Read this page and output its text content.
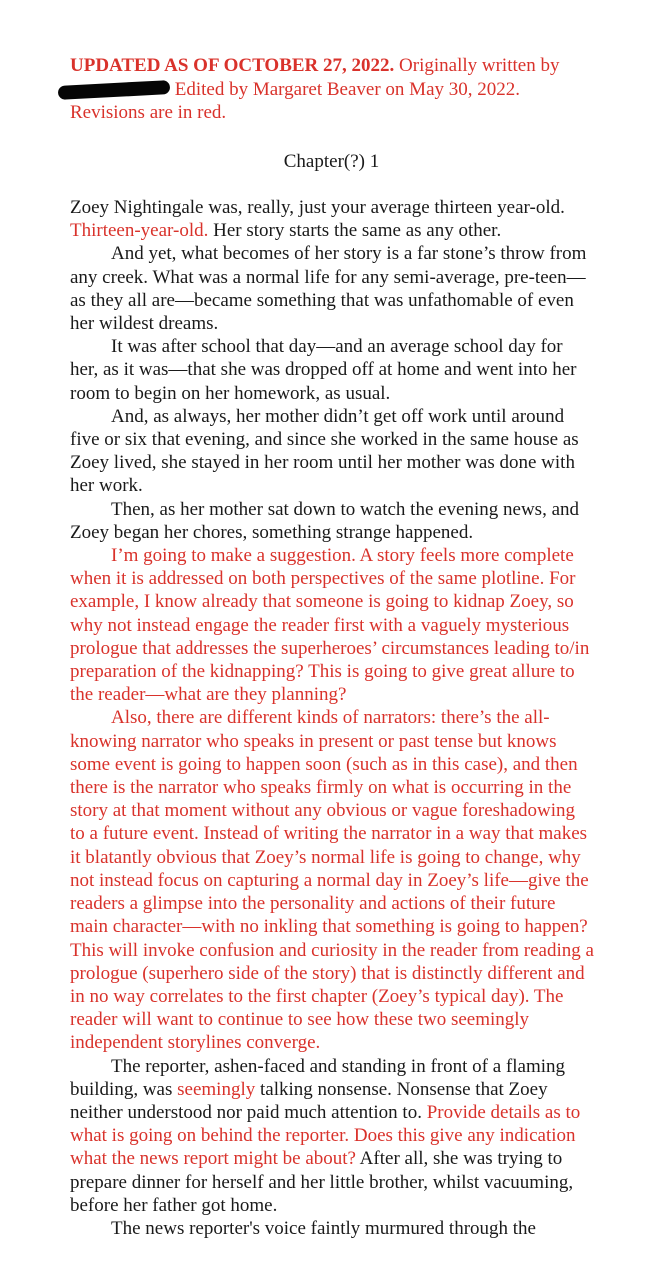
UPDATED AS OF OCTOBER 27, 2022. Originally written by
Edited by Margaret Beaver on May 30, 2022.
Revisions are in red.
Chapter(?) 1

Zoey Nightingale was, really, just your average thirteen year-old. Thirteen-year-old. Her story starts the same as any other.

And yet, what becomes of her story is a far stone’s throw from any creek. What was a normal life for any semi-average, pre-teen—as they all are—became something that was unfathomable of even her wildest dreams.

It was after school that day—and an average school day for her, as it was—that she was dropped off at home and went into her room to begin on her homework, as usual.

And, as always, her mother didn’t get off work until around five or six that evening, and since she worked in the same house as Zoey lived, she stayed in her room until her mother was done with her work.

Then, as her mother sat down to watch the evening news, and Zoey began her chores, something strange happened.

I’m going to make a suggestion. A story feels more complete when it is addressed on both perspectives of the same plotline. For example, I know already that someone is going to kidnap Zoey, so why not instead engage the reader first with a vaguely mysterious prologue that addresses the superheroes’ circumstances leading to/in preparation of the kidnapping? This is going to give great allure to the reader—what are they planning?

Also, there are different kinds of narrators: there’s the all-knowing narrator who speaks in present or past tense but knows some event is going to happen soon (such as in this case), and then there is the narrator who speaks firmly on what is occurring in the story at that moment without any obvious or vague foreshadowing to a future event. Instead of writing the narrator in a way that makes it blatantly obvious that Zoey’s normal life is going to change, why not instead focus on capturing a normal day in Zoey’s life—give the readers a glimpse into the personality and actions of their future main character—with no inkling that something is going to happen? This will invoke confusion and curiosity in the reader from reading a prologue (superhero side of the story) that is distinctly different and in no way correlates to the first chapter (Zoey’s typical day). The reader will want to continue to see how these two seemingly independent storylines converge.

The reporter, ashen-faced and standing in front of a flaming building, was seemingly talking nonsense. Nonsense that Zoey neither understood nor paid much attention to. Provide details as to what is going on behind the reporter. Does this give any indication what the news report might be about? After all, she was trying to prepare dinner for herself and her little brother, whilst vacuuming, before her father got home.

The news reporter's voice faintly murmured through the
